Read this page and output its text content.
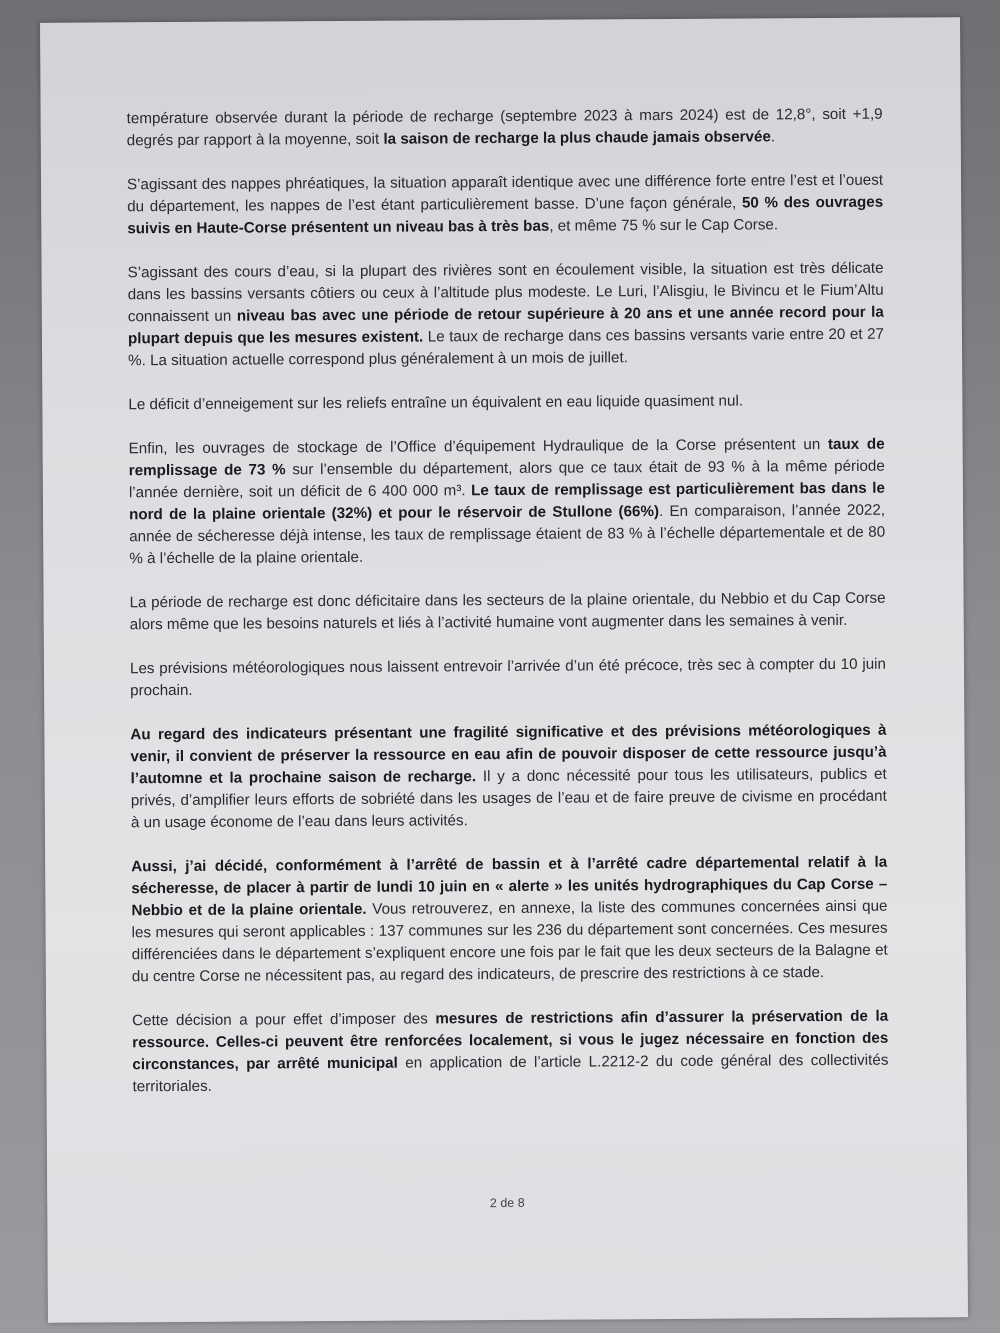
température observée durant la période de recharge (septembre 2023 à mars 2024) est de 12,8°, soit +1,9 degrés par rapport à la moyenne, soit la saison de recharge la plus chaude jamais observée.

S’agissant des nappes phréatiques, la situation apparaît identique avec une différence forte entre l’est et l’ouest du département, les nappes de l’est étant particulièrement basse. D’une façon générale, 50 % des ouvrages suivis en Haute-Corse présentent un niveau bas à très bas, et même 75 % sur le Cap Corse.

S’agissant des cours d’eau, si la plupart des rivières sont en écoulement visible, la situation est très délicate dans les bassins versants côtiers ou ceux à l’altitude plus modeste. Le Luri, l’Alisgiu, le Bivincu et le Fium’Altu connaissent un niveau bas avec une période de retour supérieure à 20 ans et une année record pour la plupart depuis que les mesures existent. Le taux de recharge dans ces bassins versants varie entre 20 et 27 %. La situation actuelle correspond plus généralement à un mois de juillet.

Le déficit d’enneigement sur les reliefs entraîne un équivalent en eau liquide quasiment nul.

Enfin, les ouvrages de stockage de l’Office d’équipement Hydraulique de la Corse présentent un taux de remplissage de 73 % sur l’ensemble du département, alors que ce taux était de 93 % à la même période l’année dernière, soit un déficit de 6 400 000 m³. Le taux de remplissage est particulièrement bas dans le nord de la plaine orientale (32%) et pour le réservoir de Stullone (66%). En comparaison, l’année 2022, année de sécheresse déjà intense, les taux de remplissage étaient de 83 % à l’échelle départementale et de 80 % à l’échelle de la plaine orientale.

La période de recharge est donc déficitaire dans les secteurs de la plaine orientale, du Nebbio et du Cap Corse alors même que les besoins naturels et liés à l’activité humaine vont augmenter dans les semaines à venir.

Les prévisions météorologiques nous laissent entrevoir l’arrivée d’un été précoce, très sec à compter du 10 juin prochain.

Au regard des indicateurs présentant une fragilité significative et des prévisions météorologiques à venir, il convient de préserver la ressource en eau afin de pouvoir disposer de cette ressource jusqu’à l’automne et la prochaine saison de recharge. Il y a donc nécessité pour tous les utilisateurs, publics et privés, d’amplifier leurs efforts de sobriété dans les usages de l’eau et de faire preuve de civisme en procédant à un usage économe de l’eau dans leurs activités.

Aussi, j’ai décidé, conformément à l’arrêté de bassin et à l’arrêté cadre départemental relatif à la sécheresse, de placer à partir de lundi 10 juin en « alerte » les unités hydrographiques du Cap Corse – Nebbio et de la plaine orientale. Vous retrouverez, en annexe, la liste des communes concernées ainsi que les mesures qui seront applicables : 137 communes sur les 236 du département sont concernées. Ces mesures différenciées dans le département s’expliquent encore une fois par le fait que les deux secteurs de la Balagne et du centre Corse ne nécessitent pas, au regard des indicateurs, de prescrire des restrictions à ce stade.

Cette décision a pour effet d’imposer des mesures de restrictions afin d’assurer la préservation de la ressource. Celles-ci peuvent être renforcées localement, si vous le jugez nécessaire en fonction des circonstances, par arrêté municipal en application de l’article L.2212-2 du code général des collectivités territoriales.

2 de 8
